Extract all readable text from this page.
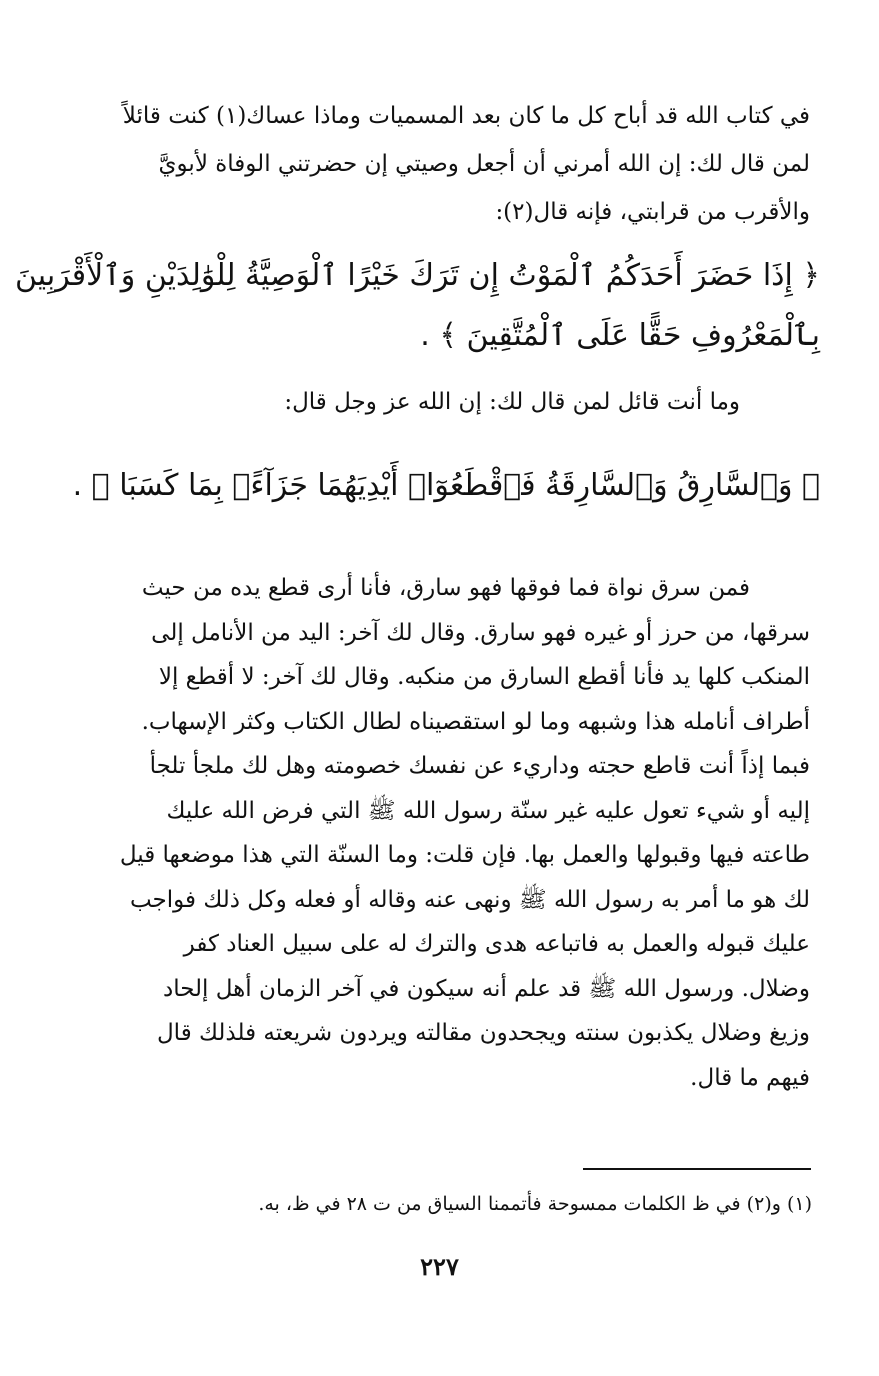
في كتاب الله قد أباح كل ما كان بعد المسميات وماذا عساك(١) كنت قائلاً
لمن قال لك: إن الله أمرني أن أجعل وصيتي إن حضرتني الوفاة لأبويَّ
والأقرب من قرابتي، فإنه قال(٢):
﴿ إِذَا حَضَرَ أَحَدَكُمُ ٱلْمَوْتُ إِن تَرَكَ خَيْرًا ٱلْوَصِيَّةُ لِلْوَٰلِدَيْنِ وَٱلْأَقْرَبِينَ
بِٱلْمَعْرُوفِ حَقًّا عَلَى ٱلْمُتَّقِينَ ﴾ .
وما أنت قائل لمن قال لك: إن الله عز وجل قال:
﴿ وَٱلسَّارِقُ وَٱلسَّارِقَةُ فَٱقْطَعُوٓا۟ أَيْدِيَهُمَا جَزَآءًۢ بِمَا كَسَبَا ﴾ .
فمن سرق نواة فما فوقها فهو سارق، فأنا أرى قطع يده من حيث
سرقها، من حرز أو غيره فهو سارق. وقال لك آخر: اليد من الأنامل إلى
المنكب كلها يد فأنا أقطع السارق من منكبه. وقال لك آخر: لا أقطع إلا
أطراف أنامله هذا وشبهه وما لو استقصيناه لطال الكتاب وكثر الإسهاب.
فبما إذاً أنت قاطع حجته وداريء عن نفسك خصومته وهل لك ملجأ تلجأ
إليه أو شيء تعول عليه غير سنّة رسول الله ﷺ التي فرض الله عليك
طاعته فيها وقبولها والعمل بها. فإن قلت: وما السنّة التي هذا موضعها قيل
لك هو ما أمر به رسول الله ﷺ ونهى عنه وقاله أو فعله وكل ذلك فواجب
عليك قبوله والعمل به فاتباعه هدى والترك له على سبيل العناد كفر
وضلال. ورسول الله ﷺ قد علم أنه سيكون في آخر الزمان أهل إلحاد
وزيغ وضلال يكذبون سنته ويجحدون مقالته ويردون شريعته فلذلك قال
فيهم ما قال.
(١) و(٢) في ظ الكلمات ممسوحة فأتممنا السياق من ت ٢٨ في ظ، به.
٢٢٧
